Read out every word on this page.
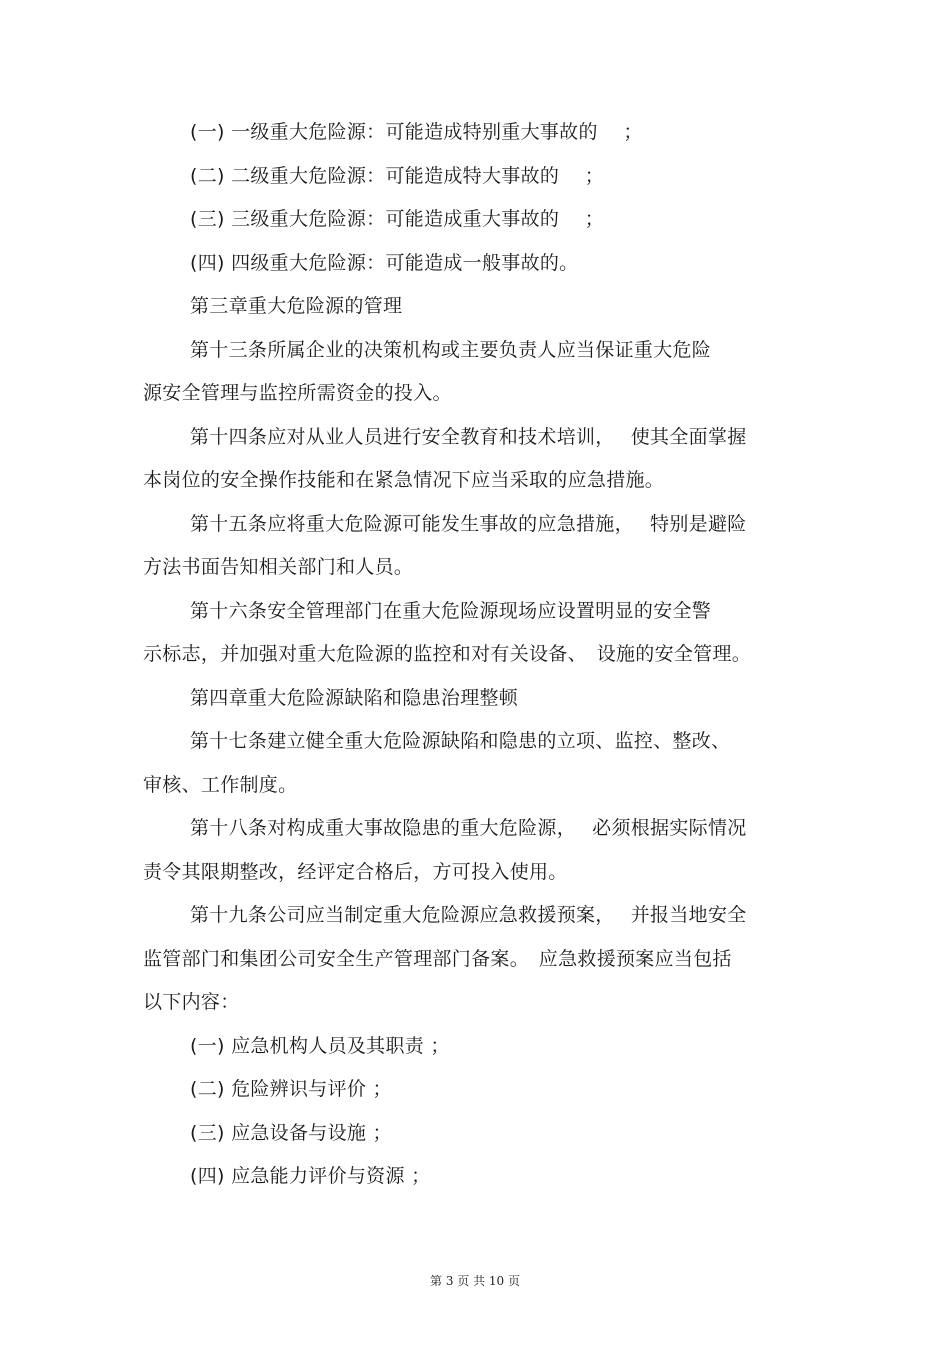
(一) 一级重大危险源：可能造成特别重大事故的　 ；
(二) 二级重大危险源：可能造成特大事故的　 ；
(三) 三级重大危险源：可能造成重大事故的　 ；
(四) 四级重大危险源：可能造成一般事故的。
第三章重大危险源的管理
第十三条所属企业的决策机构或主要负责人应当保证重大危险
源安全管理与监控所需资金的投入。
第十四条应对从业人员进行安全教育和技术培训，　 使其全面掌握
本岗位的安全操作技能和在紧急情况下应当采取的应急措施。
第十五条应将重大危险源可能发生事故的应急措施，　 特别是避险
方法书面告知相关部门和人员。
第十六条安全管理部门在重大危险源现场应设置明显的安全警
示标志，并加强对重大危险源的监控和对有关设备、　设施的安全管理。
第四章重大危险源缺陷和隐患治理整顿
第十七条建立健全重大危险源缺陷和隐患的立项、监控、整改、
审核、工作制度。
第十八条对构成重大事故隐患的重大危险源，　 必须根据实际情况
责令其限期整改，经评定合格后，方可投入使用。
第十九条公司应当制定重大危险源应急救援预案，　 并报当地安全
监管部门和集团公司安全生产管理部门备案。　应急救援预案应当包括
以下内容：
(一) 应急机构人员及其职责 ；
(二) 危险辨识与评价 ；
(三) 应急设备与设施 ；
(四) 应急能力评价与资源 ；
第 3 页 共 10 页
